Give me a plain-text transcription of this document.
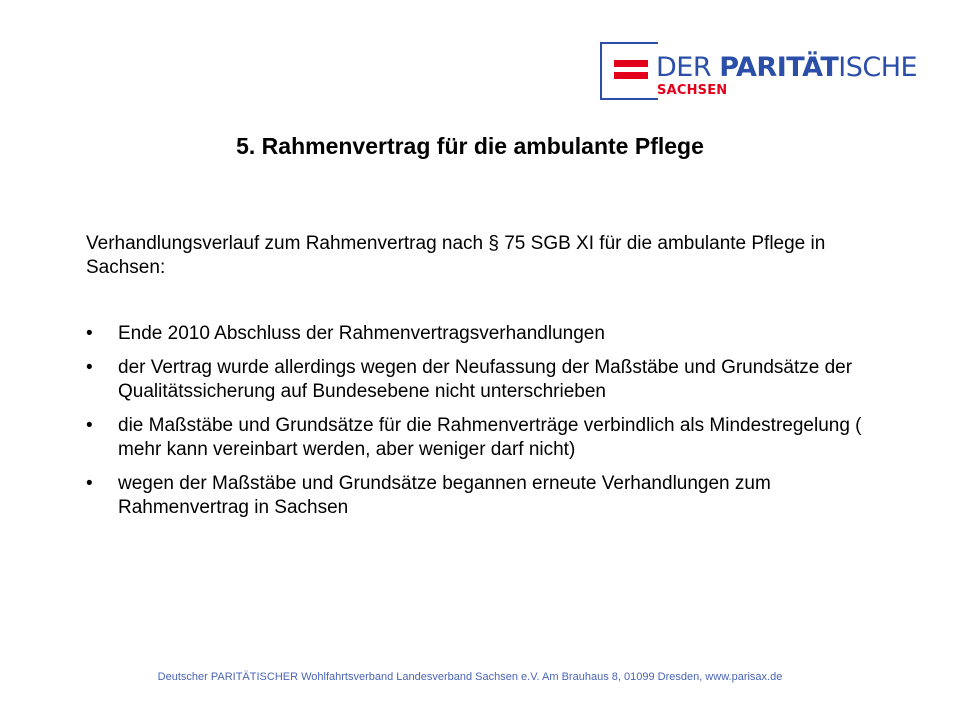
DER PARITÄTISCHE
SACHSEN
5. Rahmenvertrag für die ambulante Pflege
Verhandlungsverlauf zum Rahmenvertrag nach § 75 SGB XI für die ambulante Pflege in Sachsen:
• Ende 2010 Abschluss der Rahmenvertragsverhandlungen
• der Vertrag wurde allerdings wegen der Neufassung der Maßstäbe und Grundsätze der Qualitätssicherung auf Bundesebene nicht unterschrieben
• die Maßstäbe und Grundsätze für die Rahmenverträge verbindlich als Mindestregelung ( mehr kann vereinbart werden, aber weniger darf nicht)
• wegen der Maßstäbe und Grundsätze begannen erneute Verhandlungen zum Rahmenvertrag in Sachsen
Deutscher PARITÄTISCHER Wohlfahrtsverband Landesverband Sachsen e.V. Am Brauhaus 8, 01099 Dresden, www.parisax.de
